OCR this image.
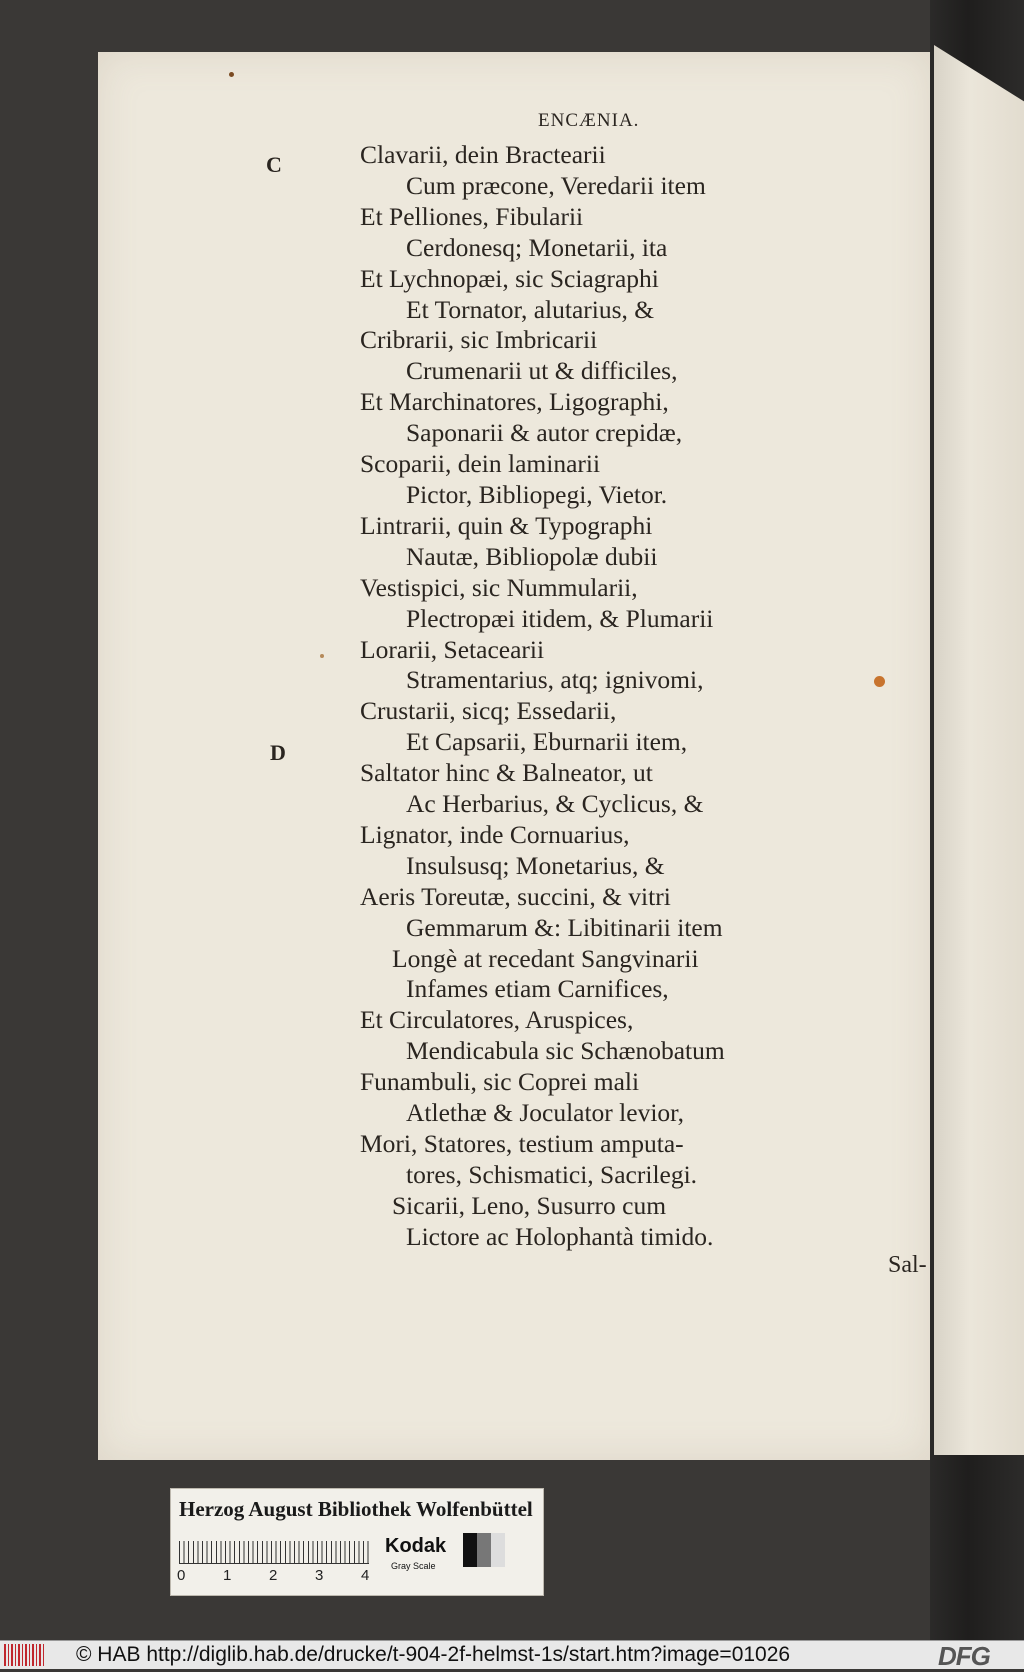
ENCÆNIA.
C
D
Clavarii, dein Bractearii
Cum præcone, Veredarii item
Et Pelliones, Fibularii
Cerdonesq; Monetarii, ita
Et Lychnopæi, sic Sciagraphi
Et Tornator, alutarius, &
Cribrarii, sic Imbricarii
Crumenarii ut & difficiles,
Et Marchinatores, Ligographi,
Saponarii & autor crepidæ,
Scoparii, dein laminarii
Pictor, Bibliopegi, Vietor.
Lintrarii, quin & Typographi
Nautæ, Bibliopolæ dubii
Vestispici, sic Nummularii,
Plectropæi itidem, & Plumarii
Lorarii, Setacearii
Stramentarius, atq; ignivomi,
Crustarii, sicq; Essedarii,
Et Capsarii, Eburnarii item,
Saltator hinc & Balneator, ut
Ac Herbarius, & Cyclicus, &
Lignator, inde Cornuarius,
Insulsusq; Monetarius, &
Aeris Toreutæ, succini, & vitri
Gemmarum &: Libitinarii item
Longè at recedant Sangvinarii
Infames etiam Carnifices,
Et Circulatores, Aruspices,
Mendicabula sic Schænobatum
Funambuli, sic Coprei mali
Atlethæ & Joculator levior,
Mori, Statores, testium amputa-
tores, Schismatici, Sacrilegi.
Sicarii, Leno, Susurro cum
Lictore ac Holophantà timido.
Sal-
Herzog August Bibliothek Wolfenbüttel
0	1	2	3	4
Kodak
Gray Scale
© HAB http://diglib.hab.de/drucke/t-904-2f-helmst-1s/start.htm?image=01026	DFG
